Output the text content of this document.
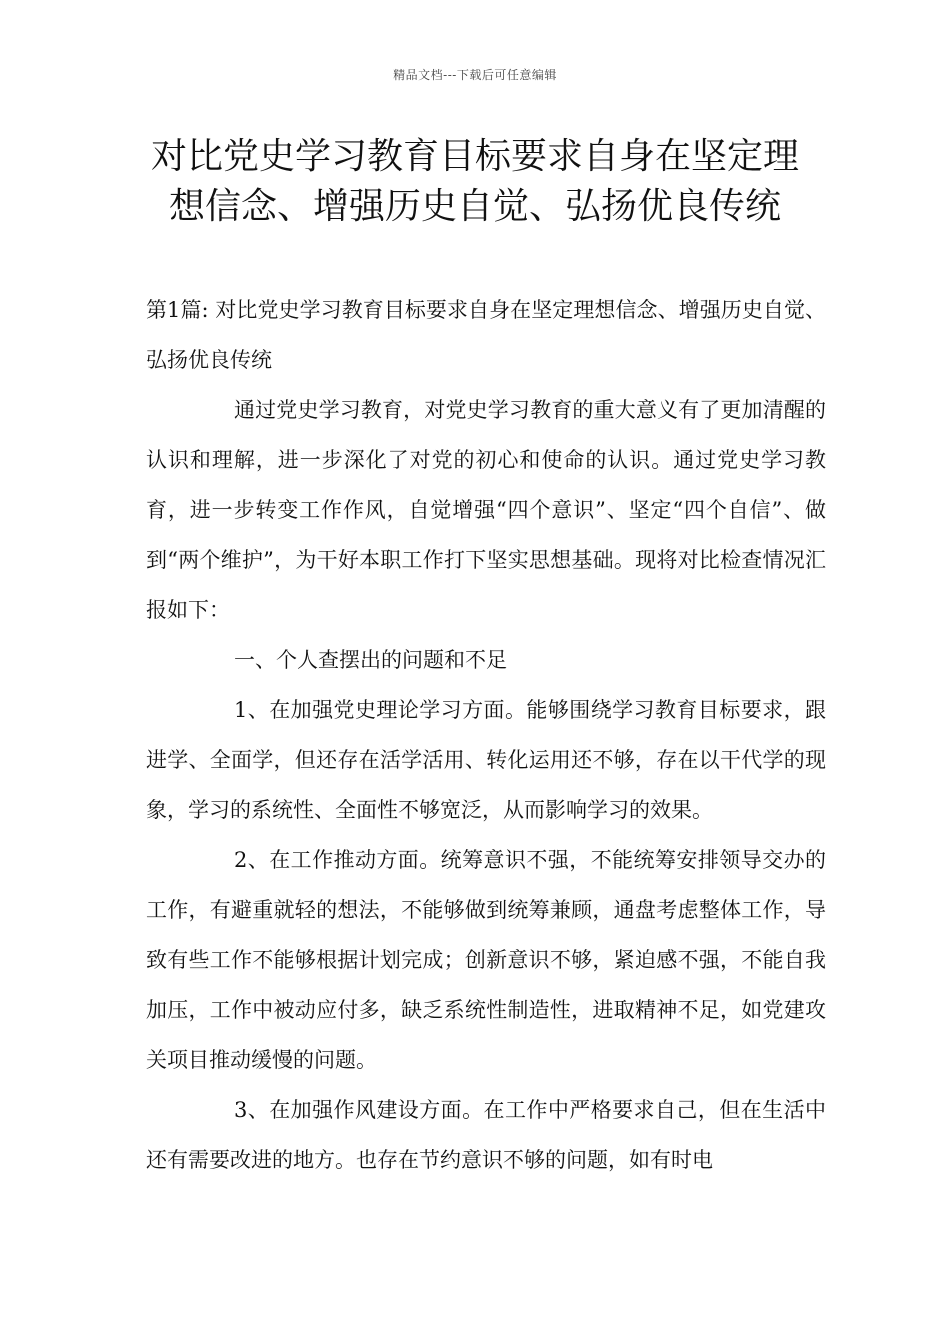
精品文档---下载后可任意编辑
对比党史学习教育目标要求自身在坚定理想信念、增强历史自觉、弘扬优良传统

第1篇: 对比党史学习教育目标要求自身在坚定理想信念、增强历史自觉、弘扬优良传统

通过党史学习教育，对党史学习教育的重大意义有了更加清醒的认识和理解，进一步深化了对党的初心和使命的认识。通过党史学习教育，进一步转变工作作风，自觉增强“四个意识”、坚定“四个自信”、做到“两个维护”，为干好本职工作打下坚实思想基础。现将对比检查情况汇报如下：

一、个人查摆出的问题和不足

1、在加强党史理论学习方面。能够围绕学习教育目标要求，跟进学、全面学，但还存在活学活用、转化运用还不够，存在以干代学的现象，学习的系统性、全面性不够宽泛，从而影响学习的效果。

2、在工作推动方面。统筹意识不强，不能统筹安排领导交办的工作，有避重就轻的想法，不能够做到统筹兼顾，通盘考虑整体工作，导致有些工作不能够根据计划完成；创新意识不够，紧迫感不强，不能自我加压，工作中被动应付多，缺乏系统性制造性，进取精神不足，如党建攻关项目推动缓慢的问题。

3、在加强作风建设方面。在工作中严格要求自己，但在生活中还有需要改进的地方。也存在节约意识不够的问题，如有时电
